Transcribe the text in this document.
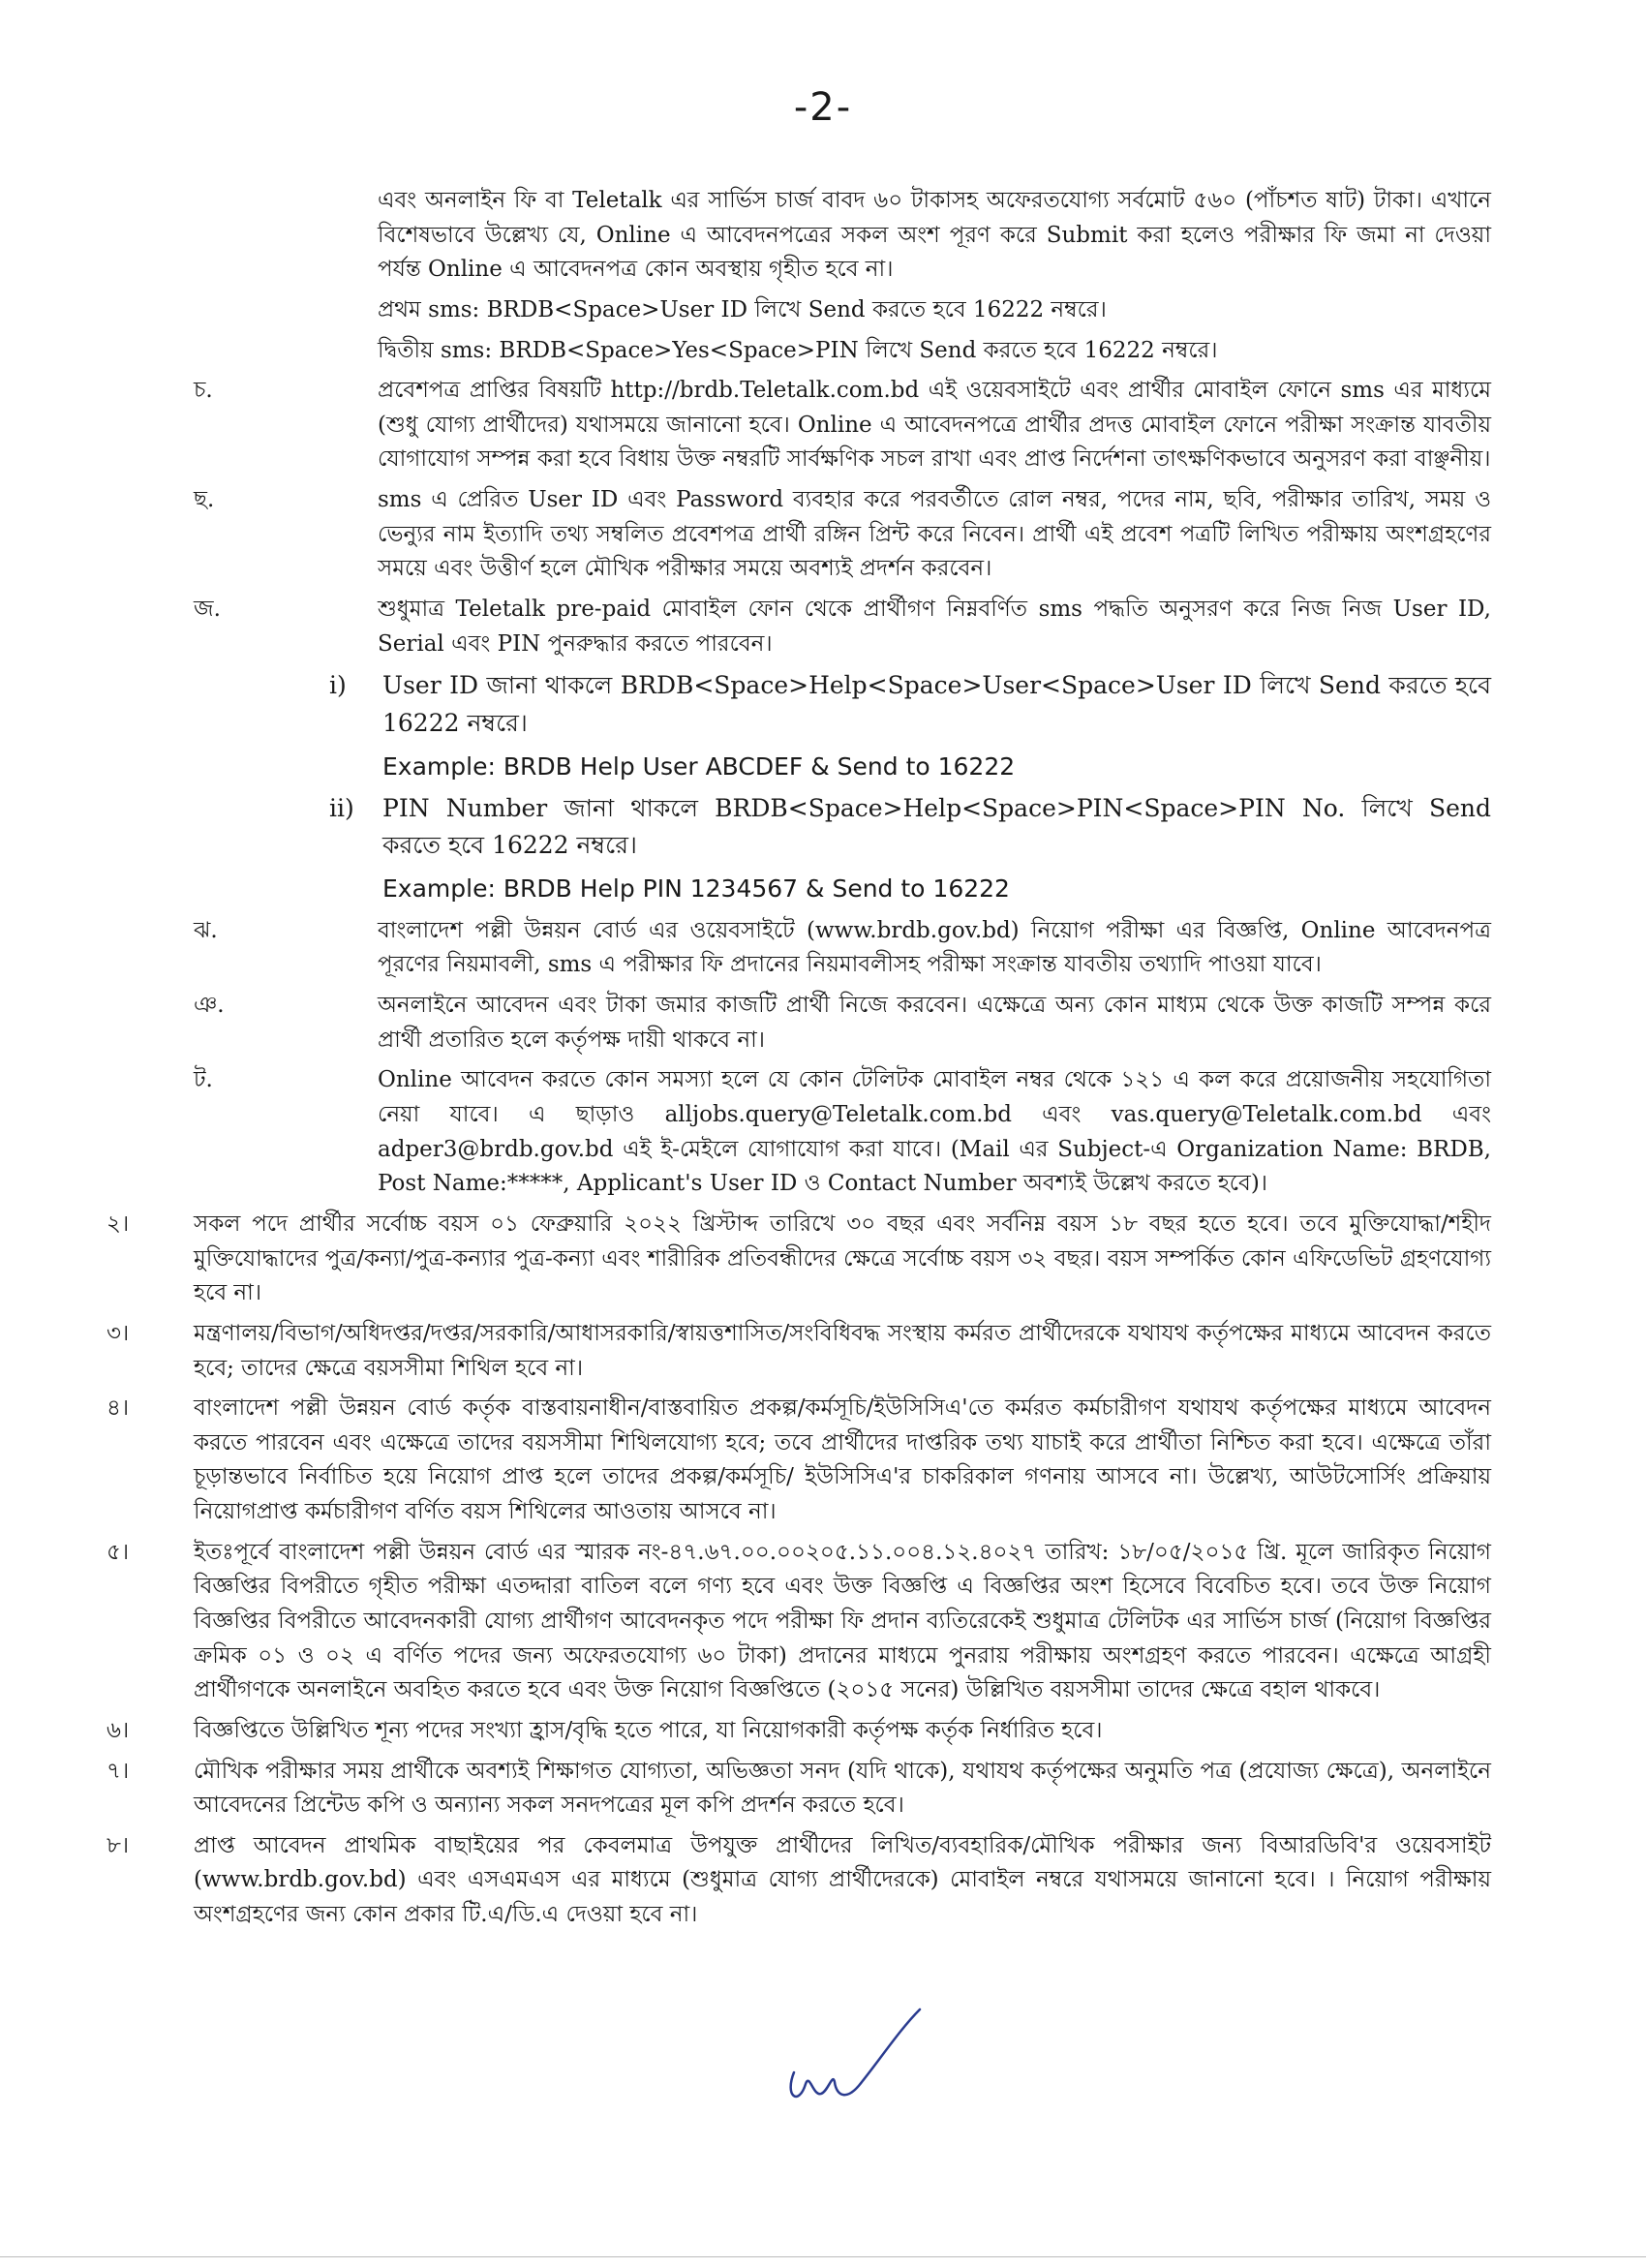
-2-

এবং অনলাইন ফি বা Teletalk এর সার্ভিস চার্জ বাবদ ৬০ টাকাসহ অফেরতযোগ্য সর্বমোট ৫৬০ (পাঁচশত ষাট) টাকা। এখানে বিশেষভাবে উল্লেখ্য যে, Online এ আবেদনপত্রের সকল অংশ পূরণ করে Submit করা হলেও পরীক্ষার ফি জমা না দেওয়া পর্যন্ত Online এ আবেদনপত্র কোন অবস্থায় গৃহীত হবে না।

প্রথম sms: BRDB<Space>User ID লিখে Send করতে হবে 16222 নম্বরে।

দ্বিতীয় sms: BRDB<Space>Yes<Space>PIN লিখে Send করতে হবে 16222 নম্বরে।

চ.	প্রবেশপত্র প্রাপ্তির বিষয়টি http://brdb.Teletalk.com.bd এই ওয়েবসাইটে এবং প্রার্থীর মোবাইল ফোনে sms এর মাধ্যমে (শুধু যোগ্য প্রার্থীদের) যথাসময়ে জানানো হবে। Online এ আবেদনপত্রে প্রার্থীর প্রদত্ত মোবাইল ফোনে পরীক্ষা সংক্রান্ত যাবতীয় যোগাযোগ সম্পন্ন করা হবে বিধায় উক্ত নম্বরটি সার্বক্ষণিক সচল রাখা এবং প্রাপ্ত নির্দেশনা তাৎক্ষণিকভাবে অনুসরণ করা বাঞ্ছনীয়।

ছ.	sms এ প্রেরিত User ID এবং Password ব্যবহার করে পরবর্তীতে রোল নম্বর, পদের নাম, ছবি, পরীক্ষার তারিখ, সময় ও ভেন্যুর নাম ইত্যাদি তথ্য সম্বলিত প্রবেশপত্র প্রার্থী রঙ্গিন প্রিন্ট করে নিবেন। প্রার্থী এই প্রবেশ পত্রটি লিখিত পরীক্ষায় অংশগ্রহণের সময়ে এবং উত্তীর্ণ হলে মৌখিক পরীক্ষার সময়ে অবশ্যই প্রদর্শন করবেন।

জ.	শুধুমাত্র Teletalk pre-paid মোবাইল ফোন থেকে প্রার্থীগণ নিম্নবর্ণিত sms পদ্ধতি অনুসরণ করে নিজ নিজ User ID, Serial এবং PIN পুনরুদ্ধার করতে পারবেন।

i)	User ID জানা থাকলে BRDB<Space>Help<Space>User<Space>User ID লিখে Send করতে হবে 16222 নম্বরে।

Example: BRDB Help User ABCDEF & Send to 16222

ii)	PIN Number জানা থাকলে BRDB<Space>Help<Space>PIN<Space>PIN No. লিখে Send করতে হবে 16222 নম্বরে।

Example: BRDB Help PIN 1234567 & Send to 16222

ঝ.	বাংলাদেশ পল্লী উন্নয়ন বোর্ড এর ওয়েবসাইটে (www.brdb.gov.bd) নিয়োগ পরীক্ষা এর বিজ্ঞপ্তি, Online আবেদনপত্র পূরণের নিয়মাবলী, sms এ পরীক্ষার ফি প্রদানের নিয়মাবলীসহ পরীক্ষা সংক্রান্ত যাবতীয় তথ্যাদি পাওয়া যাবে।

ঞ.	অনলাইনে আবেদন এবং টাকা জমার কাজটি প্রার্থী নিজে করবেন। এক্ষেত্রে অন্য কোন মাধ্যম থেকে উক্ত কাজটি সম্পন্ন করে প্রার্থী প্রতারিত হলে কর্তৃপক্ষ দায়ী থাকবে না।

ট.	Online আবেদন করতে কোন সমস্যা হলে যে কোন টেলিটক মোবাইল নম্বর থেকে ১২১ এ কল করে প্রয়োজনীয় সহযোগিতা নেয়া যাবে। এ ছাড়াও alljobs.query@Teletalk.com.bd এবং vas.query@Teletalk.com.bd এবং adper3@brdb.gov.bd এই ই-মেইলে যোগাযোগ করা যাবে। (Mail এর Subject-এ Organization Name: BRDB, Post Name:*****, Applicant's User ID ও Contact Number অবশ্যই উল্লেখ করতে হবে)।

২।	সকল পদে প্রার্থীর সর্বোচ্চ বয়স ০১ ফেব্রুয়ারি ২০২২ খ্রিস্টাব্দ তারিখে ৩০ বছর এবং সর্বনিম্ন বয়স ১৮ বছর হতে হবে। তবে মুক্তিযোদ্ধা/শহীদ মুক্তিযোদ্ধাদের পুত্র/কন্যা/পুত্র-কন্যার পুত্র-কন্যা এবং শারীরিক প্রতিবন্ধীদের ক্ষেত্রে সর্বোচ্চ বয়স ৩২ বছর। বয়স সম্পর্কিত কোন এফিডেভিট গ্রহণযোগ্য হবে না।

৩।	মন্ত্রণালয়/বিভাগ/অধিদপ্তর/দপ্তর/সরকারি/আধাসরকারি/স্বায়ত্তশাসিত/সংবিধিবদ্ধ সংস্থায় কর্মরত প্রার্থীদেরকে যথাযথ কর্তৃপক্ষের মাধ্যমে আবেদন করতে হবে; তাদের ক্ষেত্রে বয়সসীমা শিথিল হবে না।

৪।	বাংলাদেশ পল্লী উন্নয়ন বোর্ড কর্তৃক বাস্তবায়নাধীন/বাস্তবায়িত প্রকল্প/কর্মসূচি/ইউসিসিএ'তে কর্মরত কর্মচারীগণ যথাযথ কর্তৃপক্ষের মাধ্যমে আবেদন করতে পারবেন এবং এক্ষেত্রে তাদের বয়সসীমা শিথিলযোগ্য হবে; তবে প্রার্থীদের দাপ্তরিক তথ্য যাচাই করে প্রার্থীতা নিশ্চিত করা হবে। এক্ষেত্রে তাঁরা চূড়ান্তভাবে নির্বাচিত হয়ে নিয়োগ প্রাপ্ত হলে তাদের প্রকল্প/কর্মসূচি/ ইউসিসিএ'র চাকরিকাল গণনায় আসবে না। উল্লেখ্য, আউটসোর্সিং প্রক্রিয়ায় নিয়োগপ্রাপ্ত কর্মচারীগণ বর্ণিত বয়স শিথিলের আওতায় আসবে না।

৫।	ইতঃপূর্বে বাংলাদেশ পল্লী উন্নয়ন বোর্ড এর স্মারক নং-৪৭.৬৭.০০.০০২০৫.১১.০০৪.১২.৪০২৭ তারিখ: ১৮/০৫/২০১৫ খ্রি. মূলে জারিকৃত নিয়োগ বিজ্ঞপ্তির বিপরীতে গৃহীত পরীক্ষা এতদ্দারা বাতিল বলে গণ্য হবে এবং উক্ত বিজ্ঞপ্তি এ বিজ্ঞপ্তির অংশ হিসেবে বিবেচিত হবে। তবে উক্ত নিয়োগ বিজ্ঞপ্তির বিপরীতে আবেদনকারী যোগ্য প্রার্থীগণ আবেদনকৃত পদে পরীক্ষা ফি প্রদান ব্যতিরেকেই শুধুমাত্র টেলিটক এর সার্ভিস চার্জ (নিয়োগ বিজ্ঞপ্তির ক্রমিক ০১ ও ০২ এ বর্ণিত পদের জন্য অফেরতযোগ্য ৬০ টাকা) প্রদানের মাধ্যমে পুনরায় পরীক্ষায় অংশগ্রহণ করতে পারবেন। এক্ষেত্রে আগ্রহী প্রার্থীগণকে অনলাইনে অবহিত করতে হবে এবং উক্ত নিয়োগ বিজ্ঞপ্তিতে (২০১৫ সনের) উল্লিখিত বয়সসীমা তাদের ক্ষেত্রে বহাল থাকবে।

৬।	বিজ্ঞপ্তিতে উল্লিখিত শূন্য পদের সংখ্যা হ্রাস/বৃদ্ধি হতে পারে, যা নিয়োগকারী কর্তৃপক্ষ কর্তৃক নির্ধারিত হবে।

৭।	মৌখিক পরীক্ষার সময় প্রার্থীকে অবশ্যই শিক্ষাগত যোগ্যতা, অভিজ্ঞতা সনদ (যদি থাকে), যথাযথ কর্তৃপক্ষের অনুমতি পত্র (প্রযোজ্য ক্ষেত্রে), অনলাইনে আবেদনের প্রিন্টেড কপি ও অন্যান্য সকল সনদপত্রের মূল কপি প্রদর্শন করতে হবে।

৮।	প্রাপ্ত আবেদন প্রাথমিক বাছাইয়ের পর কেবলমাত্র উপযুক্ত প্রার্থীদের লিখিত/ব্যবহারিক/মৌখিক পরীক্ষার জন্য বিআরডিবি'র ওয়েবসাইট (www.brdb.gov.bd) এবং এসএমএস এর মাধ্যমে (শুধুমাত্র যোগ্য প্রার্থীদেরকে) মোবাইল নম্বরে যথাসময়ে জানানো হবে। । নিয়োগ পরীক্ষায় অংশগ্রহণের জন্য কোন প্রকার টি.এ/ডি.এ দেওয়া হবে না।
